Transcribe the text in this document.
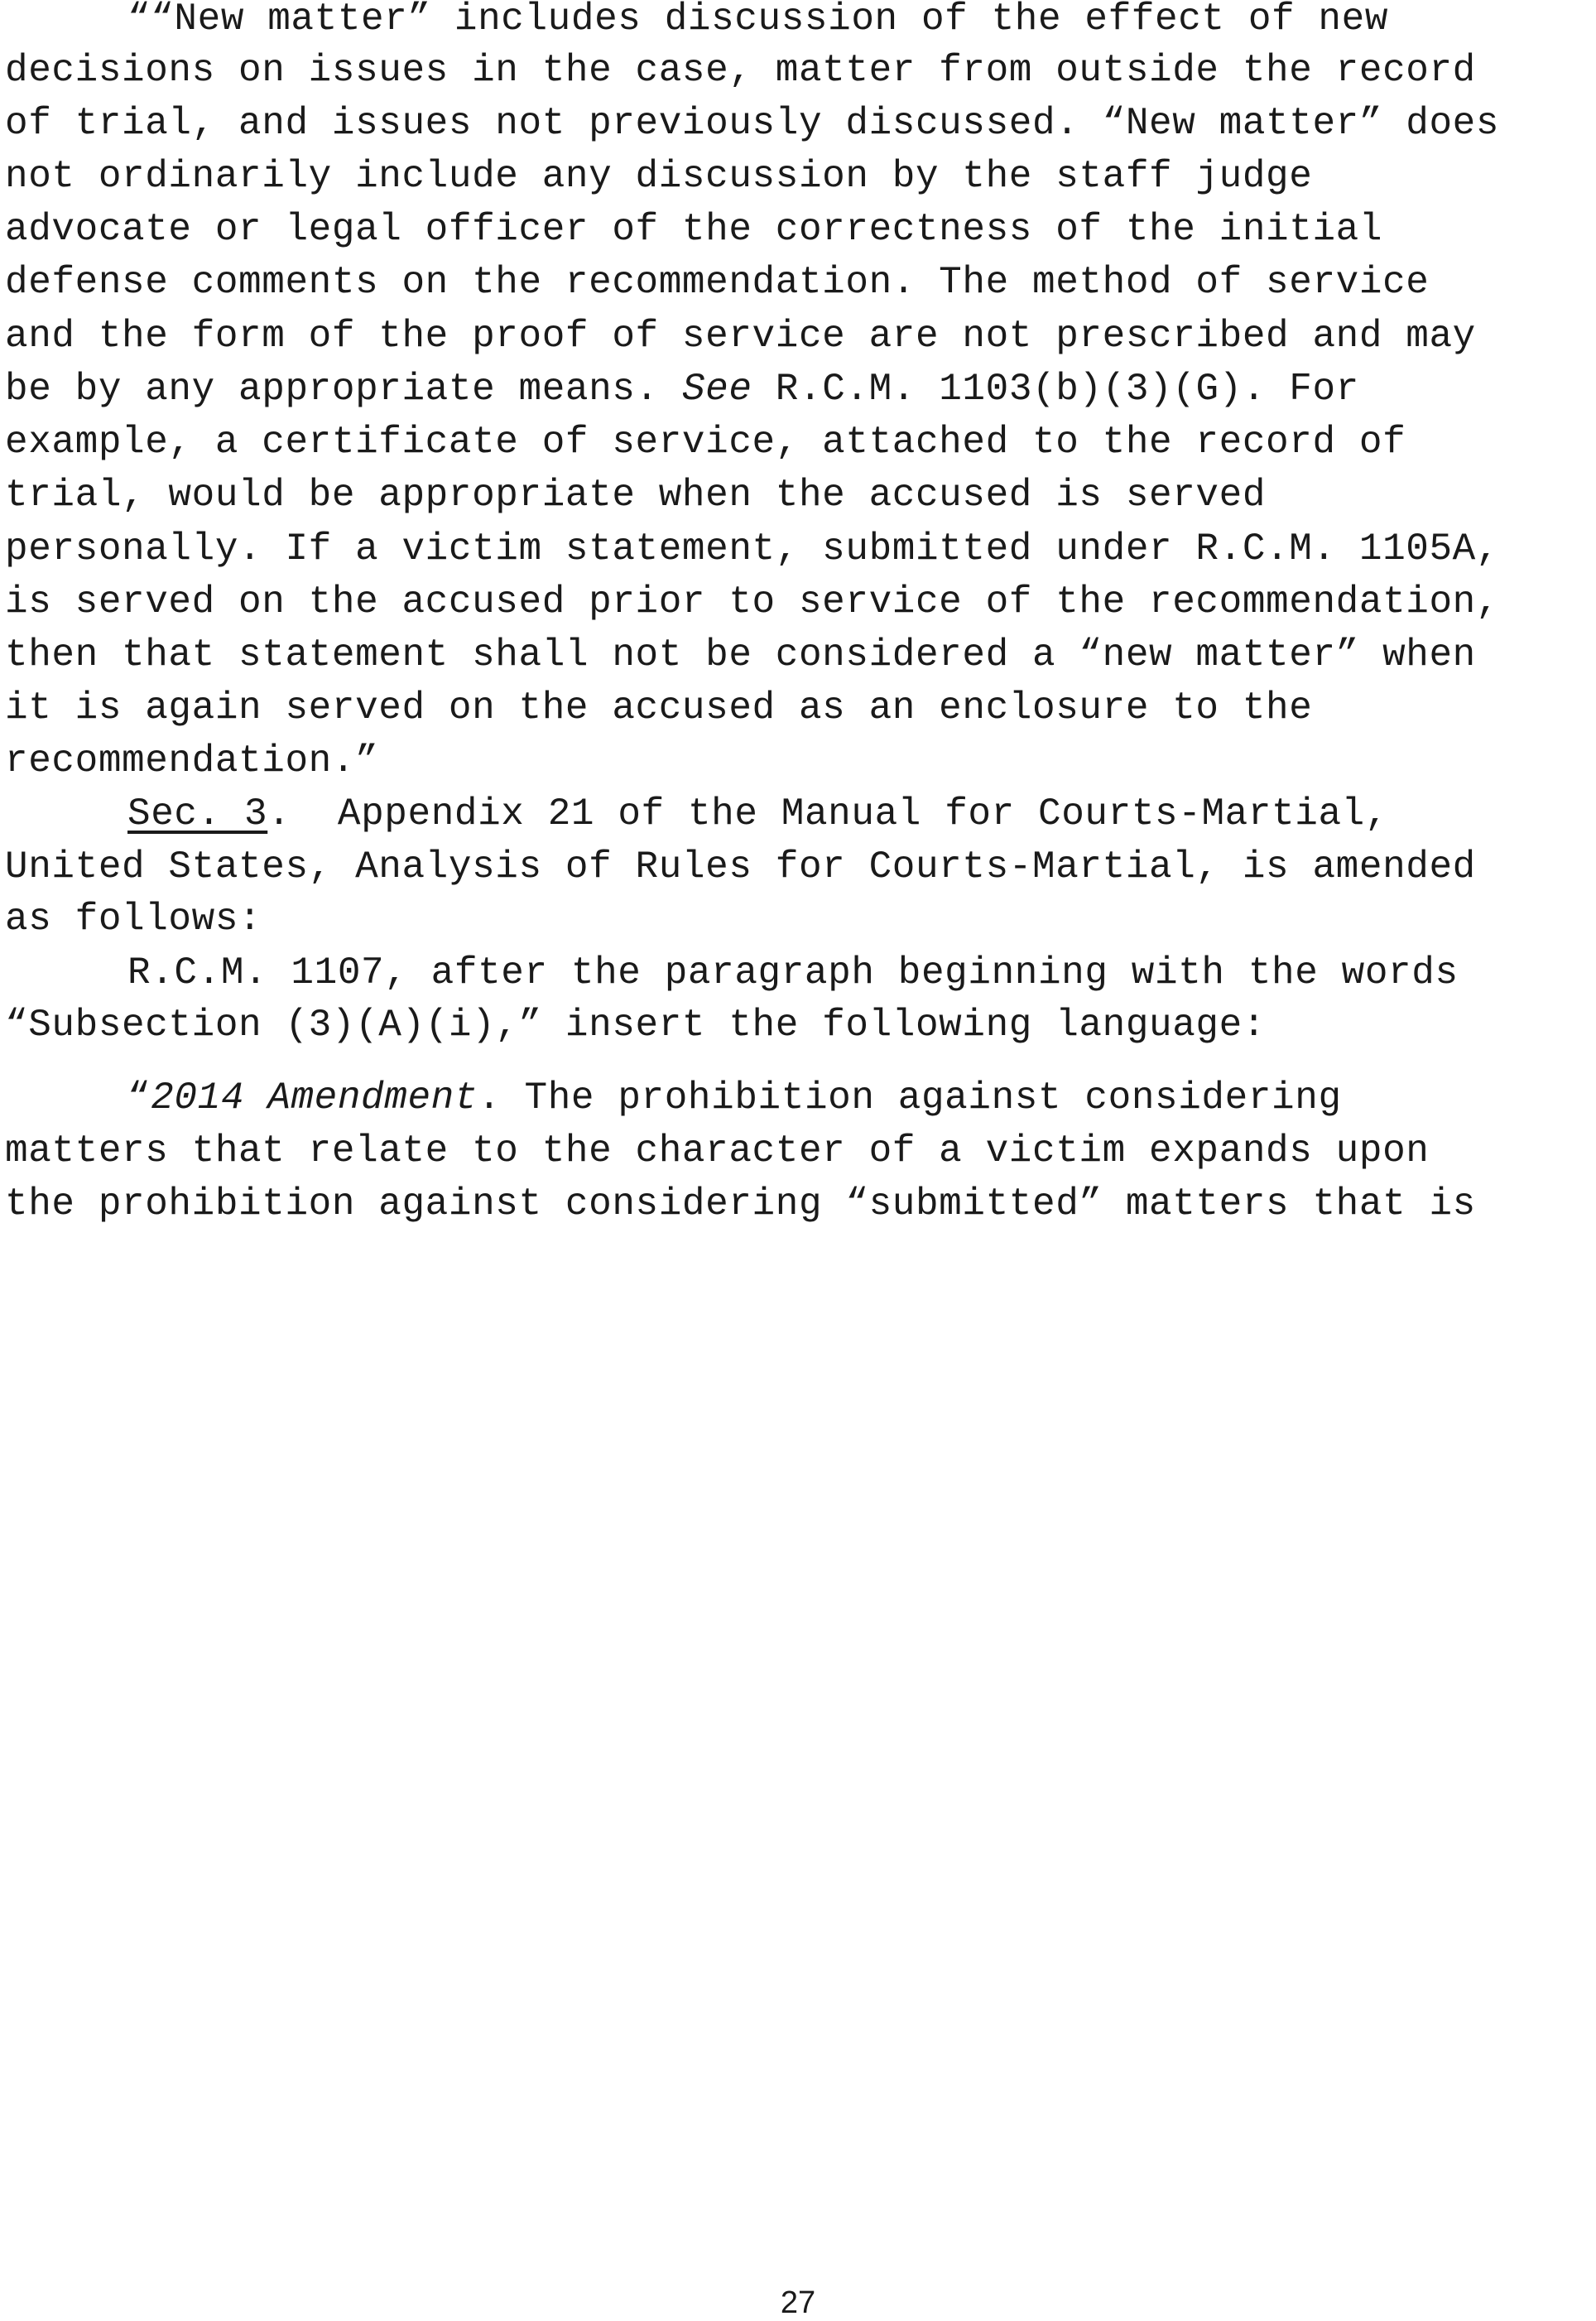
““New matter” includes discussion of the effect of new
decisions on issues in the case, matter from outside the record
of trial, and issues not previously discussed. “New matter” does
not ordinarily include any discussion by the staff judge
advocate or legal officer of the correctness of the initial
defense comments on the recommendation. The method of service
and the form of the proof of service are not prescribed and may
be by any appropriate means. See R.C.M. 1103(b)(3)(G). For
example, a certificate of service, attached to the record of
trial, would be appropriate when the accused is served
personally. If a victim statement, submitted under R.C.M. 1105A,
is served on the accused prior to service of the recommendation,
then that statement shall not be considered a “new matter” when
it is again served on the accused as an enclosure to the
recommendation.”
Sec. 3. Appendix 21 of the Manual for Courts-Martial,
United States, Analysis of Rules for Courts-Martial, is amended
as follows:
R.C.M. 1107, after the paragraph beginning with the words
“Subsection (3)(A)(i),” insert the following language:
“2014 Amendment. The prohibition against considering
matters that relate to the character of a victim expands upon
the prohibition against considering “submitted” matters that is
27
